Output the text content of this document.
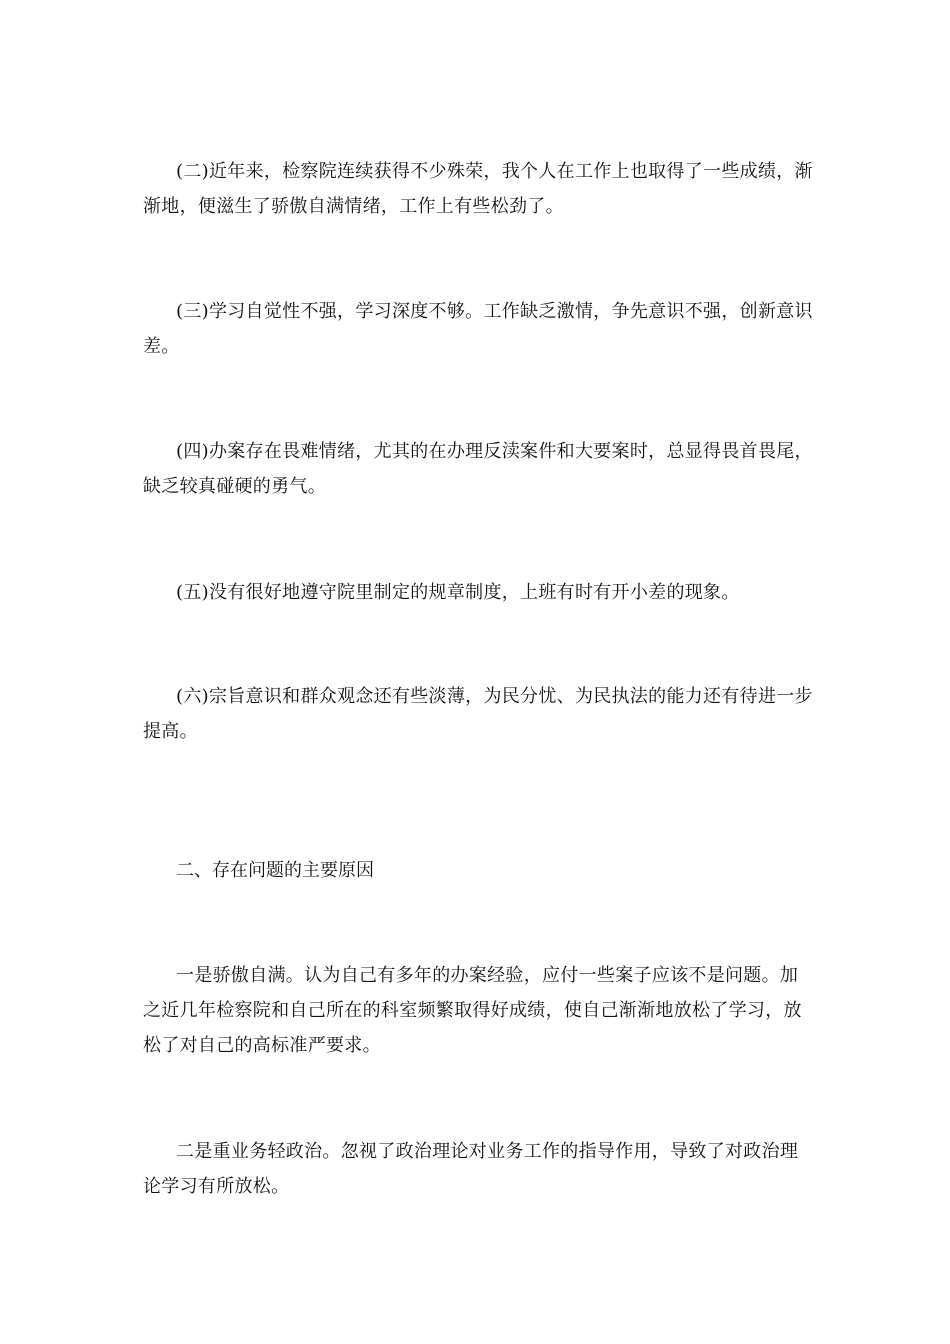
(二)近年来，检察院连续获得不少殊荣，我个人在工作上也取得了一些成绩，渐渐地，便滋生了骄傲自满情绪，工作上有些松劲了。

(三)学习自觉性不强，学习深度不够。工作缺乏激情，争先意识不强，创新意识差。

(四)办案存在畏难情绪，尤其的在办理反渎案件和大要案时，总显得畏首畏尾，缺乏较真碰硬的勇气。

(五)没有很好地遵守院里制定的规章制度，上班有时有开小差的现象。

(六)宗旨意识和群众观念还有些淡薄，为民分忧、为民执法的能力还有待进一步提高。

二、存在问题的主要原因

一是骄傲自满。认为自己有多年的办案经验，应付一些案子应该不是问题。加之近几年检察院和自己所在的科室频繁取得好成绩，使自己渐渐地放松了学习，放松了对自己的高标准严要求。

二是重业务轻政治。忽视了政治理论对业务工作的指导作用，导致了对政治理论学习有所放松。
